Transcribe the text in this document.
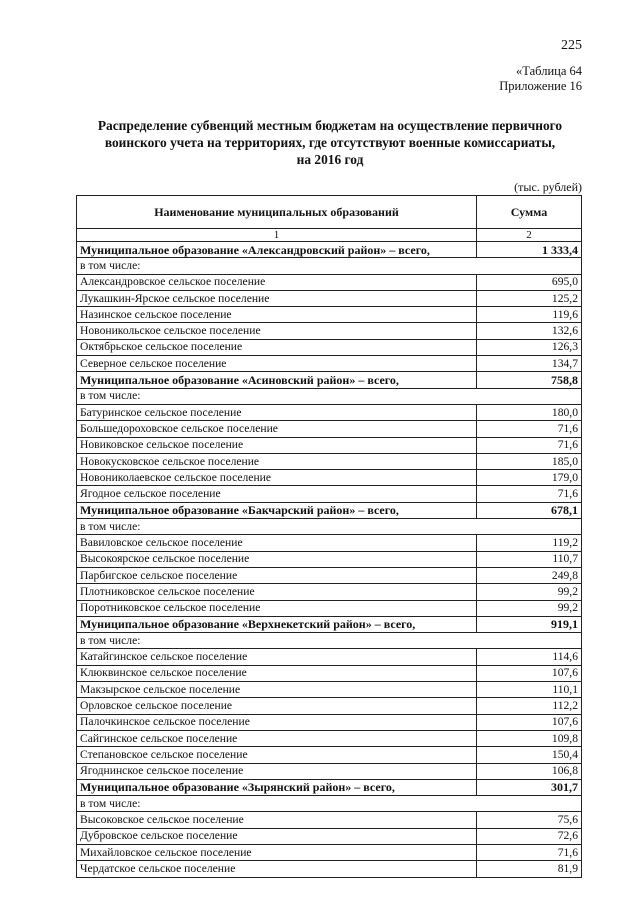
225
«Таблица 64
Приложение 16
Распределение субвенций местным бюджетам на осуществление первичного
воинского учета на территориях, где отсутствуют военные комиссариаты,
на 2016 год
(тыс. рублей)
Наименование муниципальных образований	Сумма
1	2
Муниципальное образование «Александровский район» – всего,	1 333,4
в том числе:	
Александровское сельское поселение	695,0
Лукашкин-Ярское сельское поселение	125,2
Назинское сельское поселение	119,6
Новоникольское сельское поселение	132,6
Октябрьское сельское поселение	126,3
Северное сельское поселение	134,7
Муниципальное образование «Асиновский район» – всего,	758,8
в том числе:	
Батуринское сельское поселение	180,0
Большедороховское сельское поселение	71,6
Новиковское сельское поселение	71,6
Новокусковское сельское поселение	185,0
Новониколаевское сельское поселение	179,0
Ягодное сельское поселение	71,6
Муниципальное образование «Бакчарский район» – всего,	678,1
в том числе:	
Вавиловское сельское поселение	119,2
Высокоярское сельское поселение	110,7
Парбигское сельское поселение	249,8
Плотниковское сельское поселение	99,2
Поротниковское сельское поселение	99,2
Муниципальное образование «Верхнекетский район» – всего,	919,1
в том числе:	
Катайгинское сельское поселение	114,6
Клюквинское сельское поселение	107,6
Макзырское сельское поселение	110,1
Орловское сельское поселение	112,2
Палочкинское сельское поселение	107,6
Сайгинское сельское поселение	109,8
Степановское сельское поселение	150,4
Ягоднинское сельское поселение	106,8
Муниципальное образование «Зырянский район» – всего,	301,7
в том числе:	
Высоковское сельское поселение	75,6
Дубровское сельское поселение	72,6
Михайловское сельское поселение	71,6
Чердатское сельское поселение	81,9
